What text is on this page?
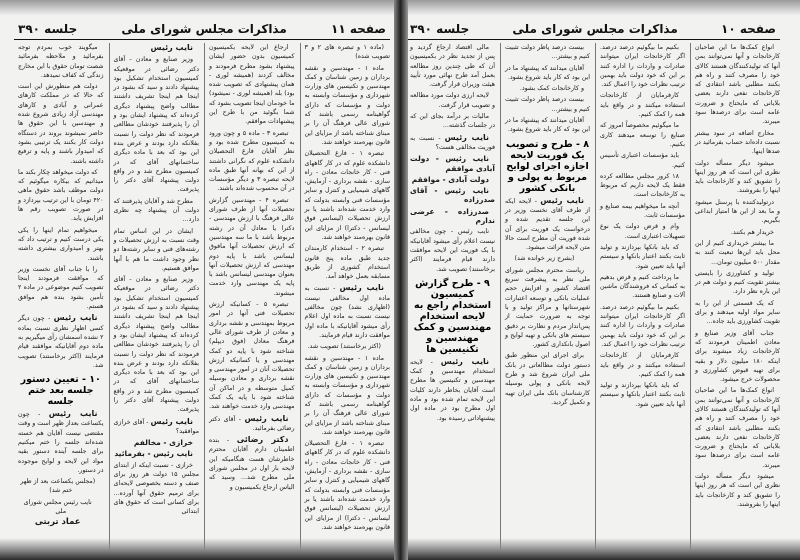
صفحه ۱۱
مذاکرات مجلس شورای ملی
جلسه ۳۹۰

(ماده ۱ و تبصره های ۲ و ۳ تصویب شده)

ماده ۱ - مهندسین و نقشه برداران و زمین شناسان و کمک مهندسین و تکنیسین های وزارت شهرداری و مؤسسات وابسته به دولت و مؤسسات که دارای گواهینامه رسمی باشند که شورای عالی فرهنگ آن را بر مبنای شناخته باشد از مزایای این قانون بهره‌مند خواهند شد.

تبصره ۱ - فارغ التحصیلان دانشکده علوم که در کار گاهها‌ی فنی - کار خانجات معادن - راه سازی - نقشه برداری - آزمایش، گاهها‌ی شیمیایی و کنترل و سایر مؤسسات فنی وابسته بدولت که وارد خدمت شده‌اند باشند یا بر ارزش تحصیلات (لیسانس فوق لیسانس - دکترا) از مزایای این قانون بهره‌مند خواهند شد.

تبصره ۲ - استخدام کارمندان جدید طبق ماده پنج قانون استخدام کشوری از طریق مسابقه بعمل خواهد آمد.

نایب رئیس - نسبت به ماده اول مخالفی نیست (اظهاری نشد) چون مخالفی نیست نسبت به ماده اول اعلام رأی میشود آقایانیکه با ماده اول موافقت دارند قیام فرمایند.

(اکثر برخاستند) تصویب شد.

ماده ۱ - مهندسین و نقشه برداران و زمین شناسان و کمک مهندسین و تکنیسین های وزارت شهرداری و مؤسسات وابسته به دولت و مؤسسات که دارای گواهینامه رسمی باشند که شورای عالی فرهنگ آن را بر مبنای شناخته باشد از مزایای این قانون بهره‌مند خواهند شد.

تبصره ۱ - فارغ التحصیلان دانشکده علوم که در کار گاهها‌ی فنی - کار خانجات معادن - راه سازی - نقشه برداری - آزمایش، گاهها‌ی شیمیایی و کنترل و سایر مؤسسات فنی وابسته بدولت که وارد خدمت شده‌اند باشند یا بر ارزش تحصیلات (لیسانس فوق لیسانس - دکترا) از مزایای این قانون بهره‌مند خواهند شد.

ارجاع این لایحه بکمیسیون کمیسیون بدون حضور ایشان پیشنهاد بشود مطرح فرمودند و مخالف کردند (همیشه لوری - همان پیشنهادی که تصویب شده بود) بله (همیشه لوری - نمیشود) ما خودمان اینجا تصویب بشود که شما بگوئید من با طرح این پیشنهادات موافقم.

تبصره ۳ - ماده ۵ و چون ورود به کمیسیون مطرح شده بود و نظر آقایان فارغ التحصیلان دانشکده علوم که نگرانی داشتند از این که بهانه آنها طبق ماده لایحه تبصره ۳ و دیگر مؤسسات در آن محسوب شده‌اند باشند.

تبصره ۴ - مهندسین گزارش تحصیلات آنها از طرف شورای عالی فرهنگ با ارزش مهندسی - دکترا یا معادل آن در رشته مربوط باشد با ما سه مهندسین که ارزش تحصیلات آنها مافوق لیسانس باشد با پایه دوم مهندسی که ارزش تحصیلات آنها بعنوان مهندسی لیسانس باشد با پایه یک مهندسی وارد خدمت میشوند.

تبصره ۵ - کسانیکه ارزش تحصیلات فنی آنها در امور مربوط بمهندسی و نقشه برداری و معادن از طرف شورای عالی فرهنگ معادل (فوق دیپلم) شناخته شود با پایه دو کمک مهندسی و یا کسانیکه ارزش تحصیلات آنان در امور مهندسی و نقشه برداری و معادن بوسیله کمیل متوسطه و در اماکن آن شناخته شود با پایه یک کمک مهندسی وارد خدمت خواهند شد.

نایب رئیس - آقای دکتر رضائی بفرمائید.

دکتر رضائی - بنده اطمینان دارم آقایان محترم خاطرشان هست هنگامیکه این لایحه بار اول در مجلس شورای ملی مطرح شد... وسید که الیاس ارجاع بکمیسیون و

نایب رئیس

وزیر صنایع و معادن - آقای دکتر رضائی در موقعیکه کمیسیون استخدام تشکیل بود پیشنهاد دادند و سید که بشود در اینجا هم اینجا تشریف داشتند مطالب واضح پیشنهاد دیگری کرده‌اند که پیشنهاد ایشان بود و آن را پذیرفتند خودشان مطالعی فرمودند که نظر دولت را نسبت بفلانکه دارد بودند و عرض بنده این بود که بعد با ماده دیگری ساختمانهای آقای که در کمیسیون مطرح شد و در واقع دولت پیشنهاد آقای دکتر را پذیرفت.

مطرح شد و آقایان پذیرفتند که دولت آن پیشنهاد چه نظری دارد...

ایشان در این اساس تمام وقت نسبت به ارزش تحصیلات و رشته‌های فنی و سایر رشته‌ها دو نظر وجود داشت ما هم با آنها موافق هستیم.

وزیر صنایع و معادن - آقای دکتر رضائی در موقعیکه کمیسیون استخدام تشکیل بود پیشنهاد دادند و سید که بشود در اینجا هم اینجا تشریف داشتند مطالب واضح پیشنهاد دیگری کرده‌اند که پیشنهاد ایشان بود و آن را پذیرفتند خودشان مطالعی فرمودند که نظر دولت را نسبت بفلانکه دارد بودند و عرض بنده این بود که بعد با ماده دیگری ساختمانهای آقای که در کمیسیون مطرح شد و در واقع دولت پیشنهاد آقای دکتر را پذیرفت.

نایب رئیس - آقای خرازی موافقید؟

خرازی - مخالفم

نایب رئیس - بفرمائید

خرازی - نسبت اینکه از ابتدای مجلس ۱۵ دولت هر روز برای صنف و دسته بخصوصی لایحه‌ای برای ترمیم حقوق آنها آورده... برای کسانی است که حقوق های ابتدائی

میگویند خوب بمردم توجه بفرمائید و ملاحظه بفرمائید شصت تومان حقوق با این مخارج زندگی که کفاف نمیدهد.

دولت هم منظورش این است که حالا که در مملکت کارهای عمرانی و آبادی و کارهای مهندسی آزاد زیادی شروع شده و مهندسین با این حقوق ها حاضر نمیشوند بروند در دستگاه دولت کار بکنند یک ترتیبی بشود که امیدوار باشند و پایه و ترفیع داشته باشند.

که دولت میخواهد چکار بکند ما میدانیم که بیکاره میگوئیم که دولت موظف باشد حقوق ماهی ۴۲۰ تومان با این ترتیب بپردازد و در صورت تصویب رقم ها افزایش یابد.

میخواهیم تمام اینها را یکی یکی درست کنیم و ترتیب داد که بهتر و امیدواری بیشتری داشته باشند.

را با جناب آقای نخست وزیر که موافقت فرمودند اینجا تصویب کنیم موضوعی در ماده ۲ تأمین بشود بنده هم موافق هستم.

نایب رئیس - چون دیگر کسی اظهار نظری نسبت بماده ۲ نشده اسمشان رأی میگیریم به ماده دوم آقایانیکه موافقند قیام فرمایند (اکثر برخاستند) تصویب شد.

۱۰ - تعیین دستور جلسه بعد ختم جلسه

نایب رئیس - چون یکساعت بعداز ظهر است و وقت مقتضی نیست آقایان هم خسته شده‌اند جلسه را ختم میکنیم برای جلسه آینده دستور بقیه مواد این لایحه و لوایح موجوده در دستور.

(مجلس یکساعت بعد از ظهر ختم شد)

نایب رئیس مجلس شورای ملی

عماد تربتی

صفحه ۱۰
مذاکرات مجلس شورای ملی
جلسه ۳۹۰

انواع کمک‌ها ما این صاحبان کارخانجات و آنها نمی‌توانند بمن آنها که تولیدکنندگان هستند کالای خود را مصرف کنند و راه هم بکنند مطلبی باشد انتقادی که کارخانجات نفعی دارند بعضی بلایانی که مایحتاج و ضرورت عامه است برای درصد‌ها سود میبرند.

مخارج اضافه در سود بیشتر نسبت داده‌اند حساب بفرمائید در صدها اینها.

میشود دیگر مسأله دولت نظری این است که هر روز اینها را تشویق کند و کارخانجات باید اینها را بفروشند.

درتولیدکننده با پرسنل میشود و ما بعد از این ها امتیاز ابداعی بگیریم.

خریدار هم بکنند.

ما بیشتر خریداری کنیم از این محل باید این‌ها تبعیت کنند به مقدار ۵۰۰ میلیون تومان...

تولید و کشاورزی را بایستی بیشتر تقویت کنیم و دولت هم در این باره نظر دارد.

که یک قسمتی از این را به سایر مواد اولیه میدهند و برای تقویت کشاورزی باید جاده...

جناب آقای وزیر صنایع و معادن اطمینان فرمودند که کارخانجات زیاد میشوند برای اینکه ۱۸۰ میلیون دلار و بقیه برای تهیه قبوض کشاورزی و محصولات خرج میشود.

انواع کمک‌ها ما این صاحبان کارخانجات و آنها نمی‌توانند بمن آنها که تولیدکنندگان هستند کالای خود را مصرف کنند و راه هم بکنند مطلبی باشد انتقادی که کارخانجات نفعی دارند بعضی بلایانی که مایحتاج و ضرورت عامه است برای درصد‌ها سود میبرند.

میشود دیگر مسأله دولت نظری این است که هر روز اینها را تشویق کند و کارخانجات باید اینها را بفروشند.

بکنیم ما بیگوئیم درصد درصد. اگر کارخانجات ایران میتوانند صادرات و واردات را اداره کنند بر این که خود دولت باید بهمین ترتیب نظرات خود را اعمال کند.

کارفرمایان از کارخانجات استفاده میکنند و در واقع باید همه را کمک کنیم.

ما میگوئیم مخصوصاً امروز که صنایع را توسعه میدهند کاری بکنیم.

باید مؤسسات اعتباری تأسیس کنیم.

۱۸ کرور مجلس مطالعه کرده فقط یک لایحه داریم که مربوط به کارخانجات است.

آنچه ما میخواهیم بیمه صنایع و مؤسسات ثابت.

وام و قرض دولت یک نوع تسهیلات اعتباری است.

که باید بانکها بپردازند و تولید ثابت بکنند اعتبار بانکها و سیستم آنها باید تعیین شود.

ما پرداخت کنیم و قرض بدهیم به کسانی که فروشندگان ماشین آلات و صنایع هستند.

بکنیم ما بیگوئیم درصد درصد. اگر کارخانجات ایران میتوانند صادرات و واردات را اداره کنند بر این که خود دولت باید بهمین ترتیب نظرات خود را اعمال کند.

کارفرمایان از کارخانجات استفاده میکنند و در واقع باید همه را کمک کنیم.

که باید بانکها بپردازند و تولید ثابت بکنند اعتبار بانکها و سیستم آنها باید تعیین شود.

بیست درصد پاظر دولت تثبیت کنیم و بیشتر...

آقایان میدانند که پیشنهاد ما در این بود که کار باید شروع بشود.

و کارخانجات کمک بشود.

بیست درصد پاظر دولت تثبیت کنیم و بیشتر...

آقایان میدانند که پیشنهاد ما در این بود که کار باید شروع بشود.

۸ - طرح و تصویب یک فوریت لایحه اجازه اجرای لوایح مربوط به پولی و بانکی کشور

نایب رئیس - لایحه ایکه از طرف آقای نخست وزیر در این جلسه تقدیم شده و درخواست یک فوریت برای آن شده فوریت آن مطرح است حالا متن لایحه قرائت میشود.

(بشرح زیر خوانده شد)

ریاست محترم مجلس شورای ملی نظر به پیشرفت سریع اقتصاد کشور و افزایش حجم عملیات بانکی و توسعه اعتبارات شهرستانها و مراکز تولید و با توجه به ضرورت حمایت از پس‌انداز مردم و نظارت بر دقیق سیستم های بانکی و تهیه لوایح و اصول بانکداری کشور.

برای اجرای این منظور طبق دستور دولت مطالعاتی در بانک ملی ایران شروع شد و طرح لایحه بانکی و پولی بوسیله کارشناسان بانک ملی ایران تهیه و تکمیل گردید.

مالی اقتصاد ارجاع گردید و پس از تجدید نظر در بکمیسیون آن که طی چندین روز مطالعه بعمل آمد طرح نهائی مورد تأیید هیئت وزیران قرار گرفت.

لایحه ارزی دولت مورد مطالعه و تصویب قرار گرفت.

مالیات بر درآمد بجای این که در جلسات گذشته...

نایب رئیس - نسبت به فوریت مخالفی هست؟

نایب رئیس - دولت آبادی موافقم

دولت آبادی - موافقم

نایب رئیس - آقای صدرزاده

صدرزاده - عرضی ندارم

نایب رئیس - چون مخالفی نیست اعلام رأی میشود آقایانیکه با یک فوریت این لایحه موافقت دارند قیام فرمایند (اکثر برخاستند) تصویب شد.

۹ - طرح گزارش کمیسیون استخدام راجع به لایحه استخدام مهندسین و کمک مهندسین و تکنیسین ها

نایب رئیس - لایحه استخدام مهندسین و کمک مهندسین و تکنیسین ها مطرح است آقایان بخاطر دارند کلیات این لایحه تمام شده بود و ماده اول مطرح بود در ماده اول پیشنهاداتی رسیده بود.
